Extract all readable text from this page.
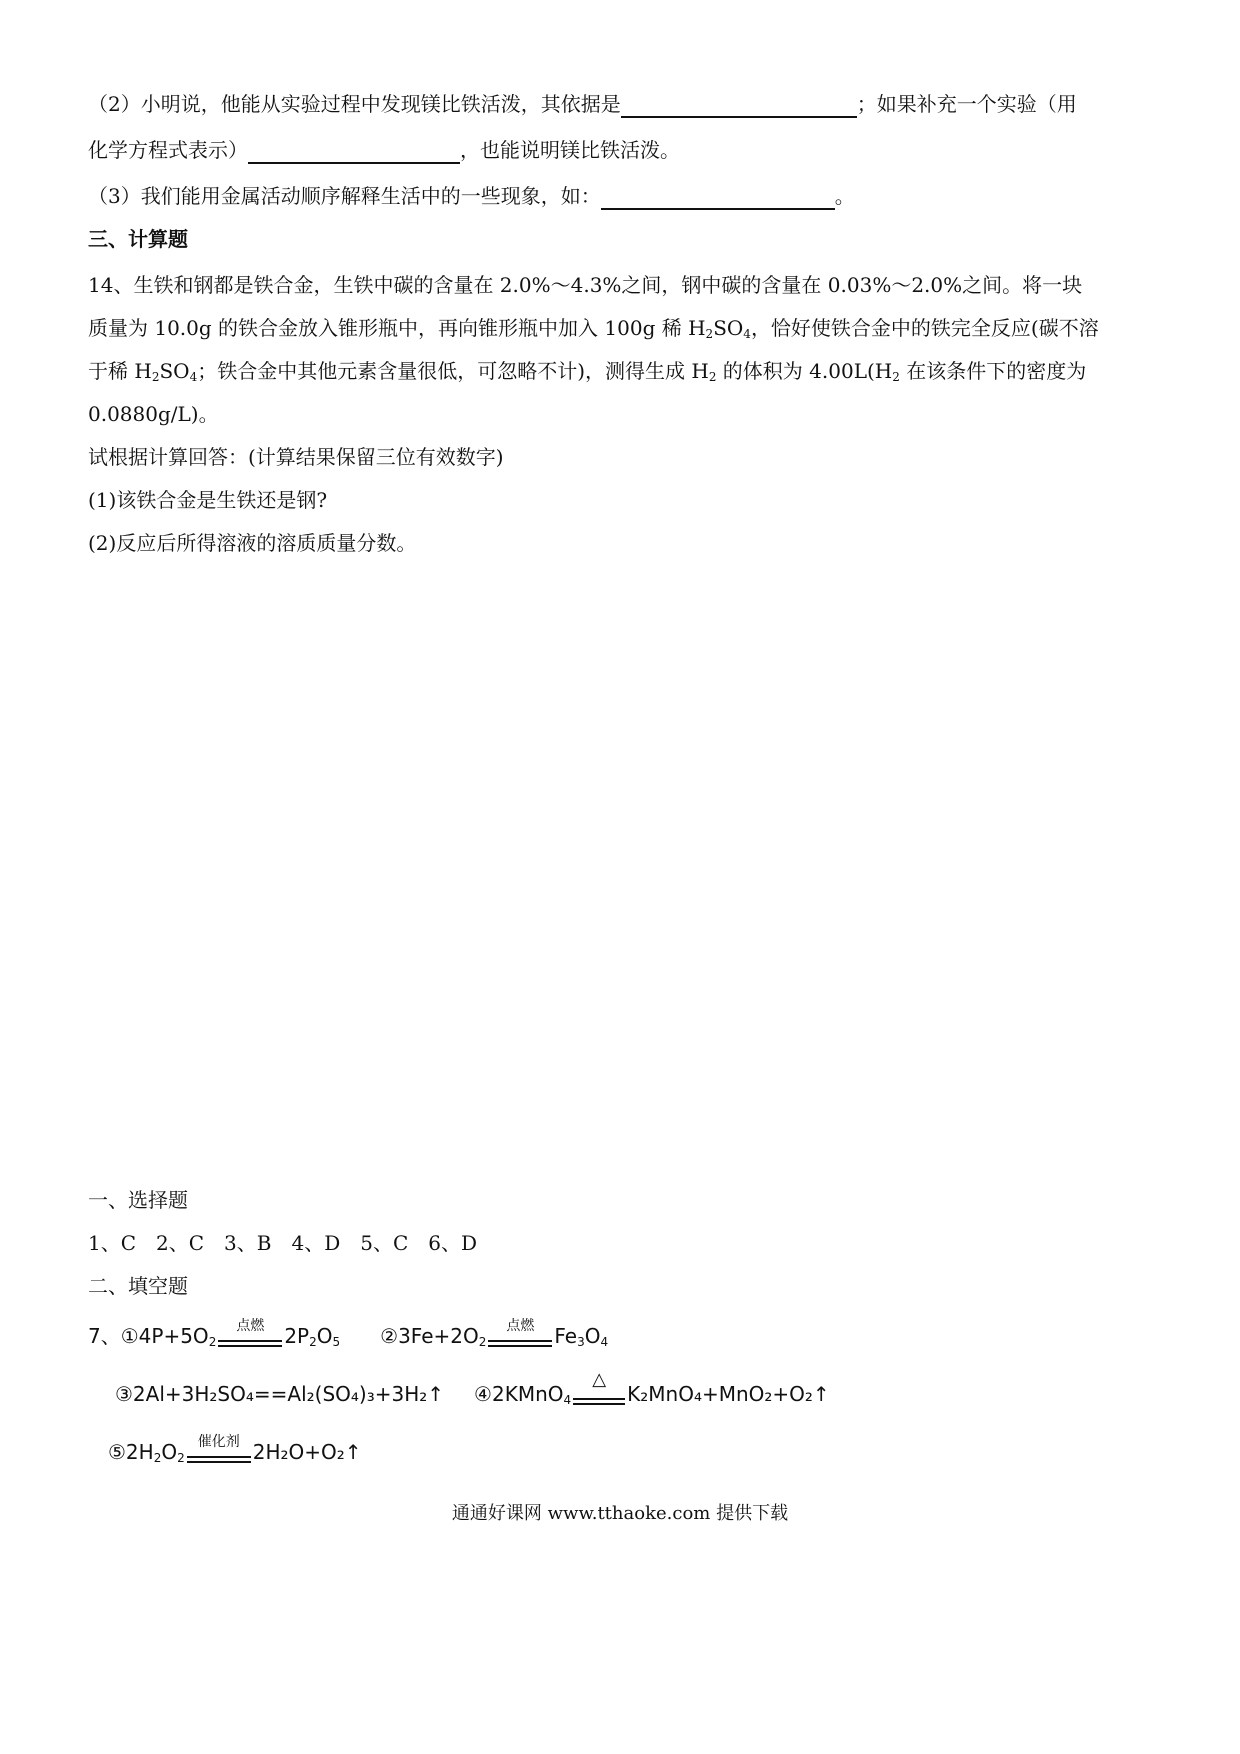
（2）小明说，他能从实验过程中发现镁比铁活泼，其依据是	；如果补充一个实验（用
化学方程式表示）	，也能说明镁比铁活泼。
（3）我们能用金属活动顺序解释生活中的一些现象，如：	。
三、计算题
14、生铁和钢都是铁合金，生铁中碳的含量在 2.0%～4.3%之间，钢中碳的含量在 0.03%～2.0%之间。将一块
质量为 10.0g 的铁合金放入锥形瓶中，再向锥形瓶中加入 100g 稀 $H_2SO_4$，恰好使铁合金中的铁完全反应(碳不溶
于稀 $H_2SO_4$；铁合金中其他元素含量很低，可忽略不计)，测得生成 $H_2$ 的体积为 $4.00L(H_2$ 在该条件下的密度为
0.0880g/L)。
试根据计算回答：(计算结果保留三位有效数字)
(1)该铁合金是生铁还是钢?
(2)反应后所得溶液的溶质质量分数。
一、选择题
1、C　2、C　3、B　4、D　5、C　6、D
二、填空题
7、$①4P+5O_2$
点燃	$2P_2O_5$ $②3Fe+2O_2$
点燃	$Fe_3O_4$
③2Al+3H₂SO₄==Al₂(SO₄)₃+3H₂↑ ④2KMnO$_4$
△
K₂MnO₄+MnO₂+O₂↑
$⑤2H_2O_2$
催化剂 2H₂O+O₂↑
通通好课网 www.tthaoke.com 提供下载
